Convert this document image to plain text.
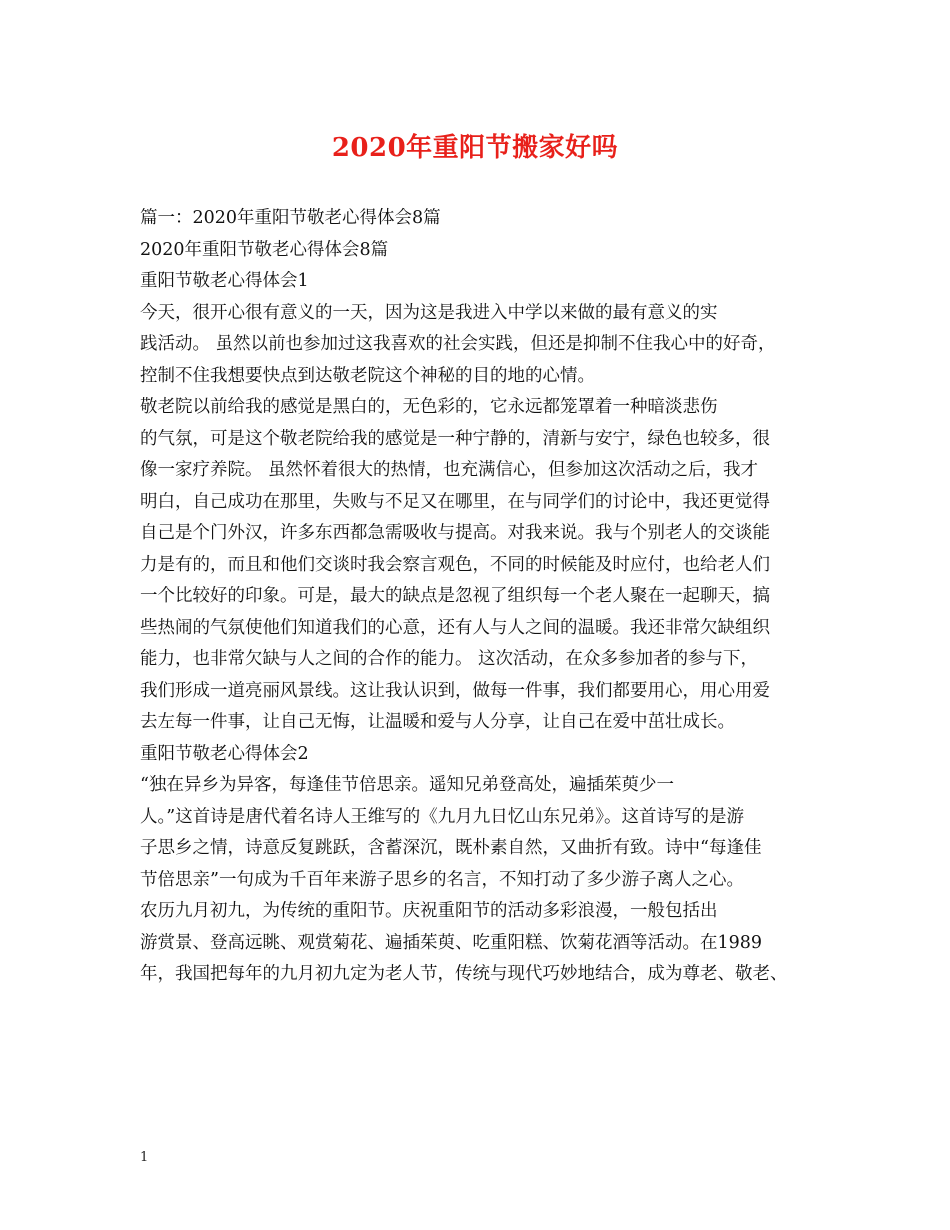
2020年重阳节搬家好吗

篇一：2020年重阳节敬老心得体会8篇

2020年重阳节敬老心得体会8篇

重阳节敬老心得体会1

今天，很开心很有意义的一天，因为这是我进入中学以来做的最有意义的实

践活动。 虽然以前也参加过这我喜欢的社会实践，但还是抑制不住我心中的好奇，

控制不住我想要快点到达敬老院这个神秘的目的地的心情。

敬老院以前给我的感觉是黑白的，无色彩的，它永远都笼罩着一种暗淡悲伤

的气氛，可是这个敬老院给我的感觉是一种宁静的，清新与安宁，绿色也较多，很

像一家疗养院。 虽然怀着很大的热情，也充满信心，但参加这次活动之后，我才

明白，自己成功在那里，失败与不足又在哪里，在与同学们的讨论中，我还更觉得

自己是个门外汉，许多东西都急需吸收与提高。对我来说。我与个别老人的交谈能

力是有的，而且和他们交谈时我会察言观色，不同的时候能及时应付，也给老人们

一个比较好的印象。可是，最大的缺点是忽视了组织每一个老人聚在一起聊天，搞

些热闹的气氛使他们知道我们的心意，还有人与人之间的温暖。我还非常欠缺组织

能力，也非常欠缺与人之间的合作的能力。 这次活动，在众多参加者的参与下，

我们形成一道亮丽风景线。这让我认识到，做每一件事，我们都要用心，用心用爱

去左每一件事，让自己无悔，让温暖和爱与人分享，让自己在爱中茁壮成长。

重阳节敬老心得体会2

“独在异乡为异客，每逢佳节倍思亲。遥知兄弟登高处，遍插茱萸少一

人。”这首诗是唐代着名诗人王维写的《九月九日忆山东兄弟》。这首诗写的是游

子思乡之情，诗意反复跳跃，含蓄深沉，既朴素自然，又曲折有致。诗中“每逢佳

节倍思亲”一句成为千百年来游子思乡的名言，不知打动了多少游子离人之心。

农历九月初九，为传统的重阳节。庆祝重阳节的活动多彩浪漫，一般包括出

游赏景、登高远眺、观赏菊花、遍插茱萸、吃重阳糕、饮菊花酒等活动。在1989

年，我国把每年的九月初九定为老人节，传统与现代巧妙地结合，成为尊老、敬老、

1
